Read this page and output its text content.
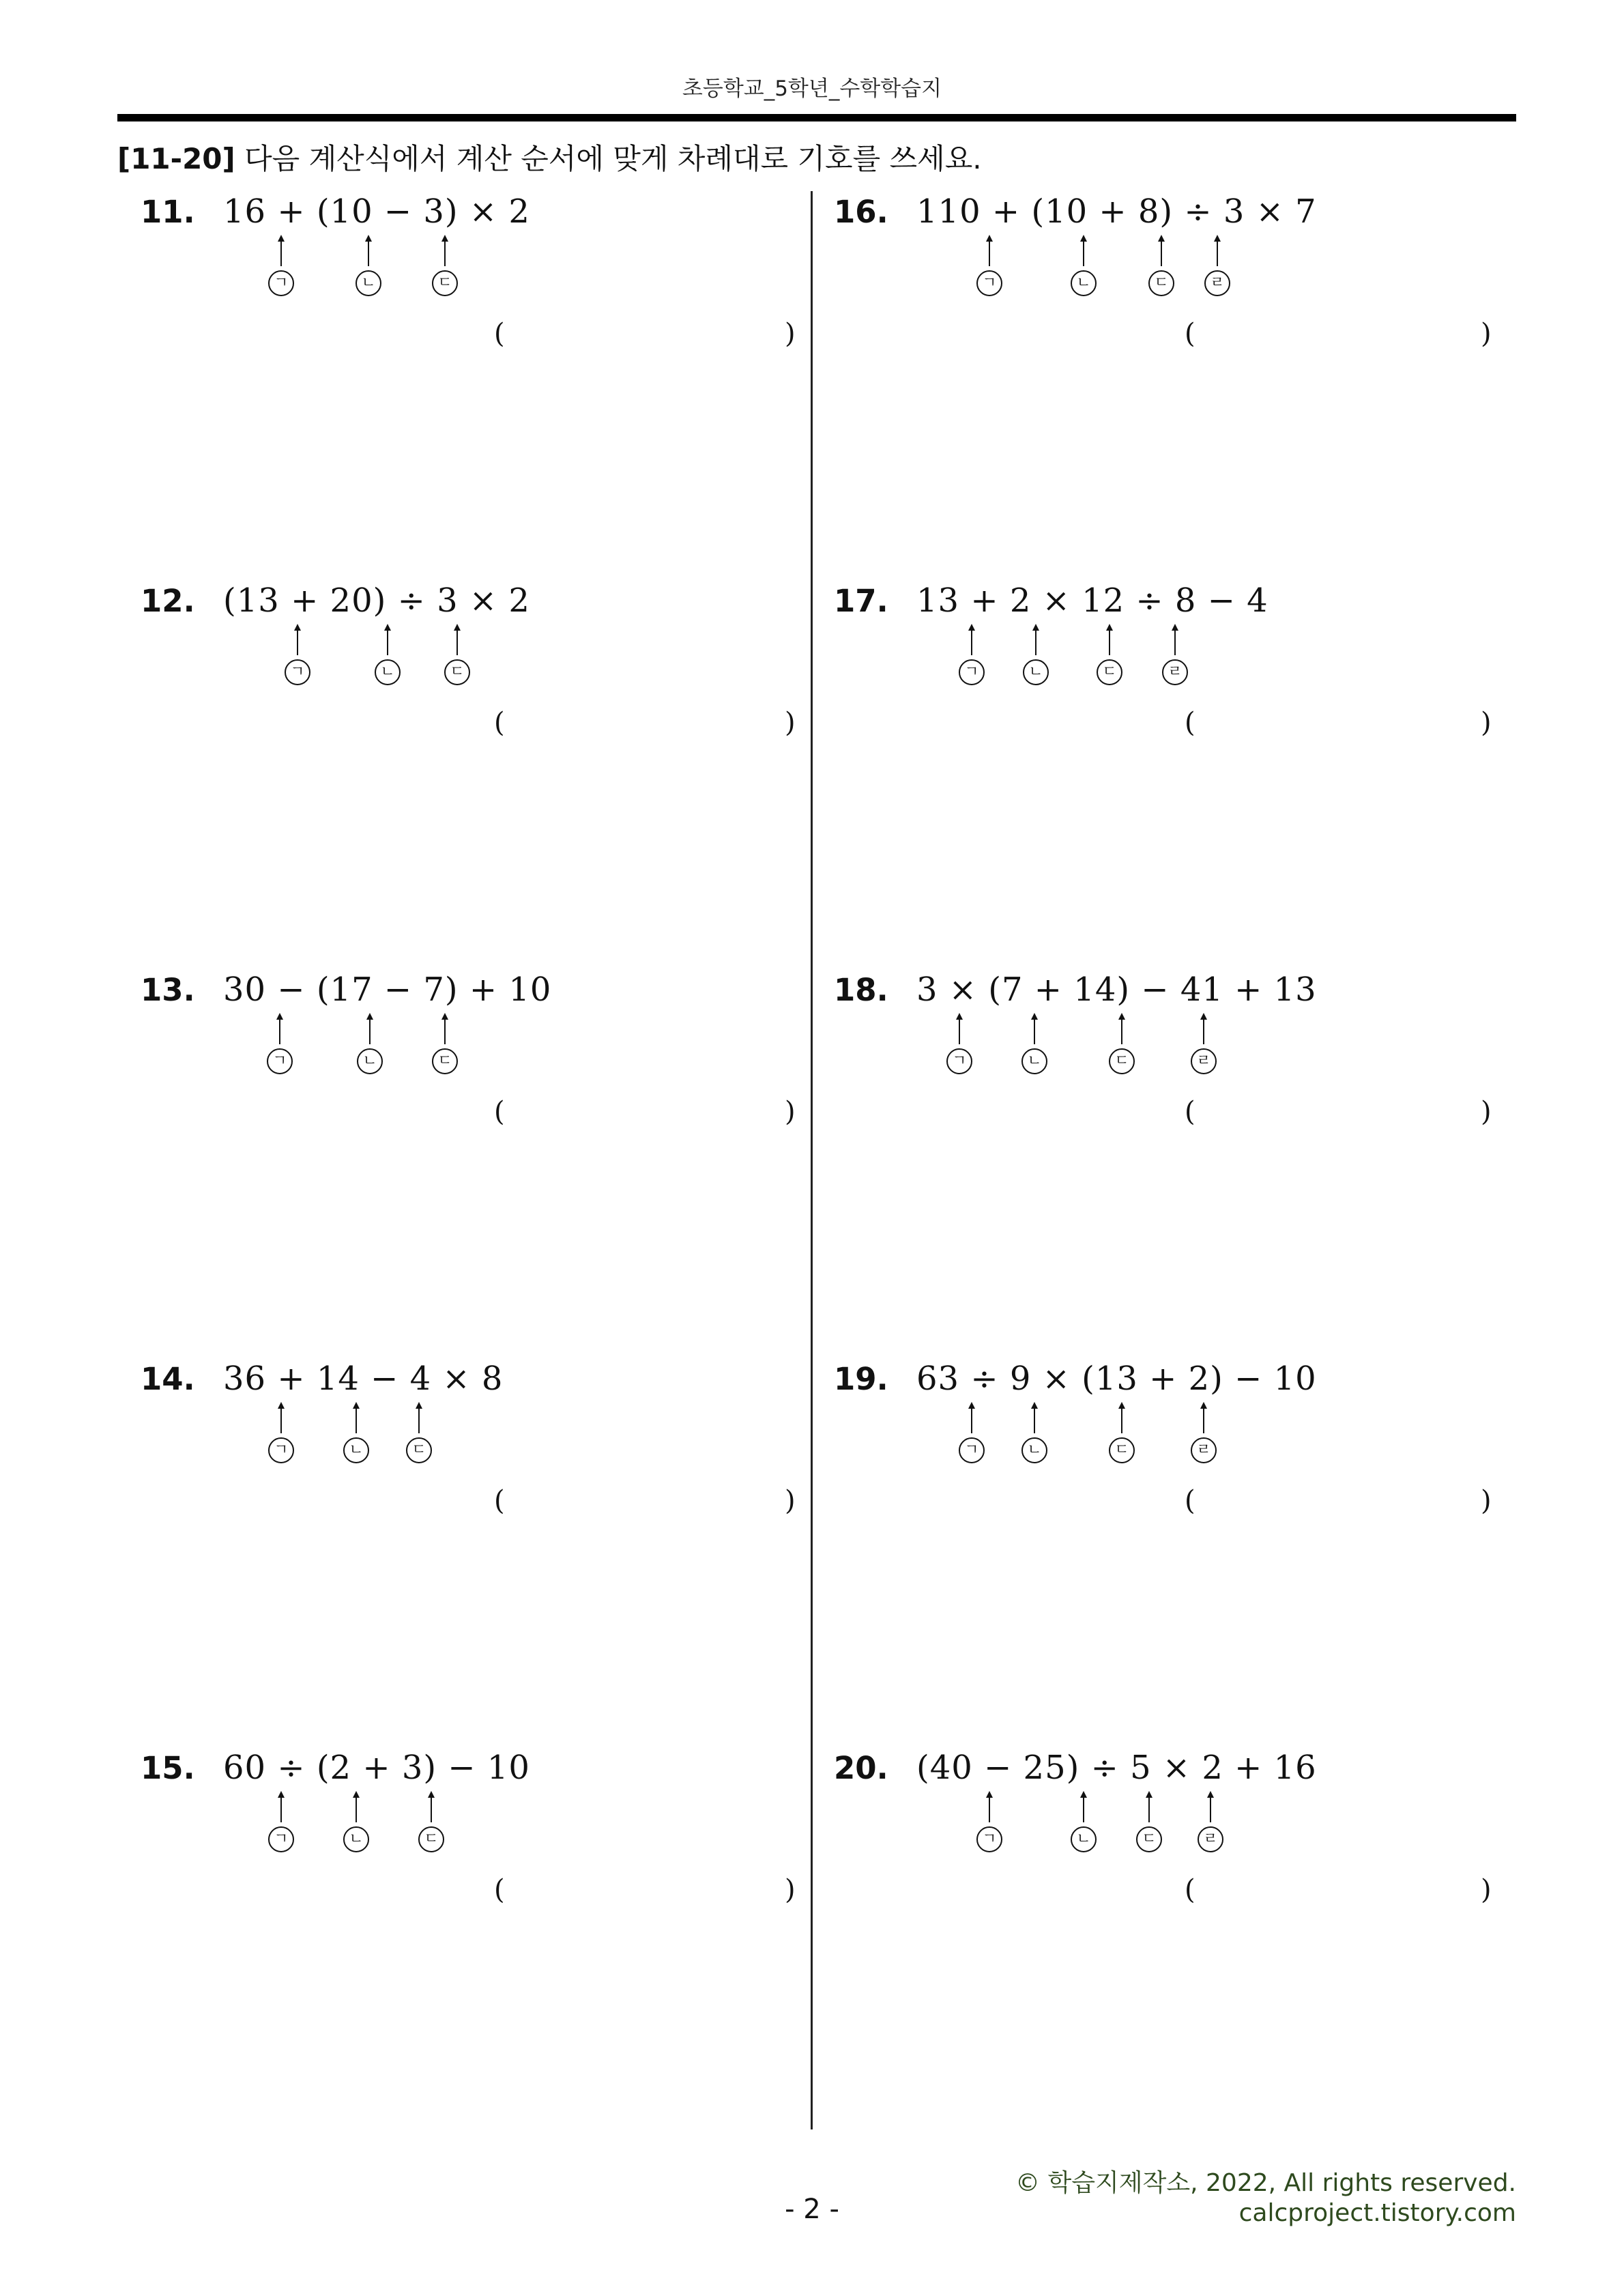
초등학교_5학년_수학학습지
[11-20] 다음 계산식에서 계산 순서에 맞게 차례대로 기호를 쓰세요.
11. 16 + (10 − 3) × 2
ㄱ	ㄴ	ㄷ
(	)
12. (13 + 20) ÷ 3 × 2
ㄱ	ㄴ	ㄷ
(	)
13. 30 − (17 − 7) + 10
ㄱ	ㄴ	ㄷ
(	)
14. 36 + 14 − 4 × 8
ㄱ	ㄴ	ㄷ
(	)
15. 60 ÷ (2 + 3) − 10
ㄱ	ㄴ	ㄷ
(	)
16. 110 + (10 + 8) ÷ 3 × 7
ㄱ	ㄴ	ㄷ	ㄹ
(	)
17. 13 + 2 × 12 ÷ 8 − 4
ㄱ	ㄴ	ㄷ	ㄹ
(	)
18. 3 × (7 + 14) − 41 + 13
ㄱ	ㄴ	ㄷ	ㄹ
(	)
19. 63 ÷ 9 × (13 + 2) − 10
ㄱ	ㄴ	ㄷ	ㄹ
(	)
20. (40 − 25) ÷ 5 × 2 + 16
ㄱ	ㄴ	ㄷ	ㄹ
(	)
© 학습지제작소, 2022, All rights reserved.
calcproject.tistory.com
- 2 -
